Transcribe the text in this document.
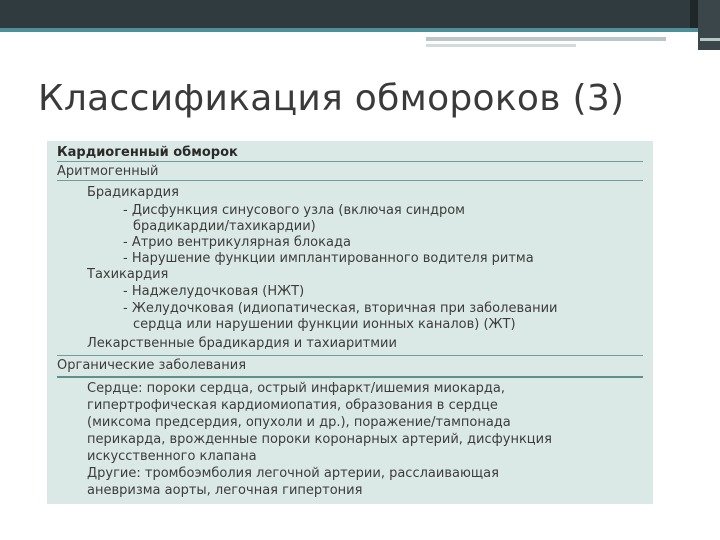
Классификация обмороков (3)
Кардиогенный обморок
Аритмогенный
Брадикардия
- Дисфункция синусового узла (включая синдром
брадикардии/тахикардии)
- Атрио вентрикулярная блокада
- Нарушение функции имплантированного водителя ритма
Тахикардия
- Наджелудочковая (НЖТ)
- Желудочковая (идиопатическая, вторичная при заболевании
сердца или нарушении функции ионных каналов) (ЖТ)
Лекарственные брадикардия и тахиаритмии
Органические заболевания
Сердце: пороки сердца, острый инфаркт/ишемия миокарда,
гипертрофическая кардиомиопатия, образования в сердце
(миксома предсердия, опухоли и др.), поражение/тампонада
перикарда, врожденные пороки коронарных артерий, дисфункция
искусственного клапана
Другие: тромбоэмболия легочной артерии, расслаивающая
аневризма аорты, легочная гипертония
